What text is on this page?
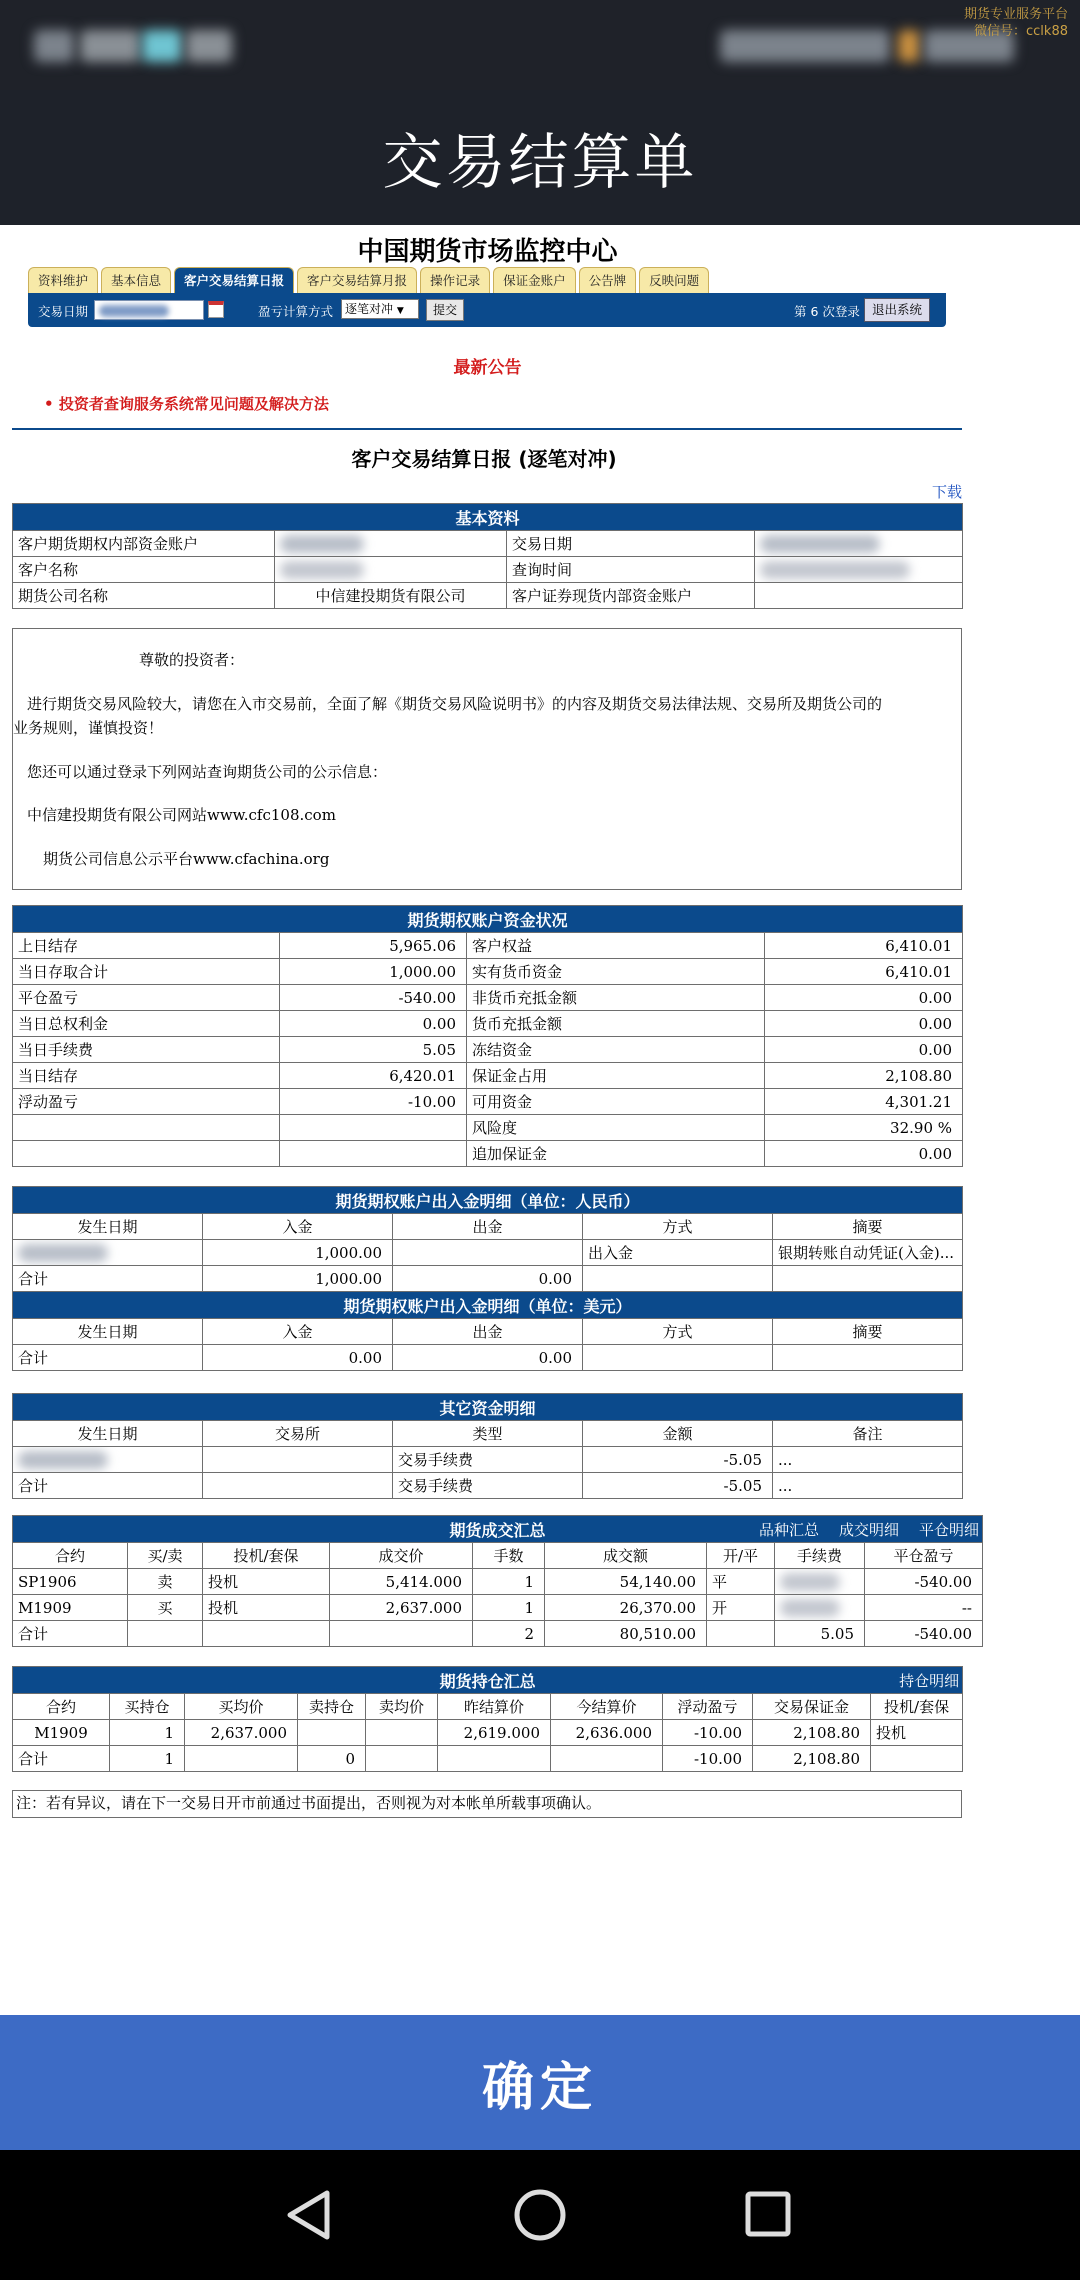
期货专业服务平台
微信号：cclk88
交易结算单
中国期货市场监控中心
资料维护	基本信息	客户交易结算日报	客户交易结算月报	操作记录	保证金账户	公告牌	反映问题
交易日期	盈亏计算方式 逐笔对冲 ▼	提交	第 6 次登录 退出系统
最新公告
• 投资者查询服务系统常见问题及解决方法
客户交易结算日报 (逐笔对冲)
下载
基本资料			
客户期货期权内部资金账户		交易日期	
客户名称		查询时间	
期货公司名称	中信建投期货有限公司	客户证券现货内部资金账户	

尊敬的投资者：

进行期货交易风险较大，请您在入市交易前，全面了解《期货交易风险说明书》的内容及期货交易法律法规、交易所及期货公司的

业务规则，谨慎投资！

您还可以通过登录下列网站查询期货公司的公示信息：

中信建投期货有限公司网站www.cfc108.com

期货公司信息公示平台www.cfachina.org

期货期权账户资金状况			
上日结存	5,965.06	客户权益	6,410.01
当日存取合计	1,000.00	实有货币资金	6,410.01
平仓盈亏	-540.00	非货币充抵金额	0.00
当日总权利金	0.00	货币充抵金额	0.00
当日手续费	5.05	冻结资金	0.00
当日结存	6,420.01	保证金占用	2,108.80
浮动盈亏	-10.00	可用资金	4,301.21
		风险度	32.90 %
		追加保证金	0.00
期货期权账户出入金明细（单位：人民币）				
发生日期	入金	出金	方式	摘要
	1,000.00		出入金	银期转账自动凭证(入金)...
合计	1,000.00	0.00		
期货期权账户出入金明细（单位：美元）				
发生日期	入金	出金	方式	摘要
合计	0.00	0.00		
其它资金明细				
发生日期	交易所	类型	金额	备注
		交易手续费	-5.05	...
合计		交易手续费	-5.05	...
期货成交汇总 品种汇总 成交明细 平仓明细								

合约	买/卖	投机/套保	成交价	手数	成交额	开/平	手续费	平仓盈亏
SP1906	卖	投机	5,414.000	1	54,140.00	平		-540.00
M1909	买	投机	2,637.000	1	26,370.00	开		--
合计				2	80,510.00		5.05	-540.00
期货持仓汇总 持仓明细									

合约	买持仓	买均价	卖持仓	卖均价	昨结算价	今结算价	浮动盈亏	交易保证金	投机/套保
M1909	1	2,637.000			2,619.000	2,636.000	-10.00	2,108.80	投机
合计	1		0				-10.00	2,108.80	
注：若有异议，请在下一交易日开市前通过书面提出，否则视为对本帐单所载事项确认。
确定
